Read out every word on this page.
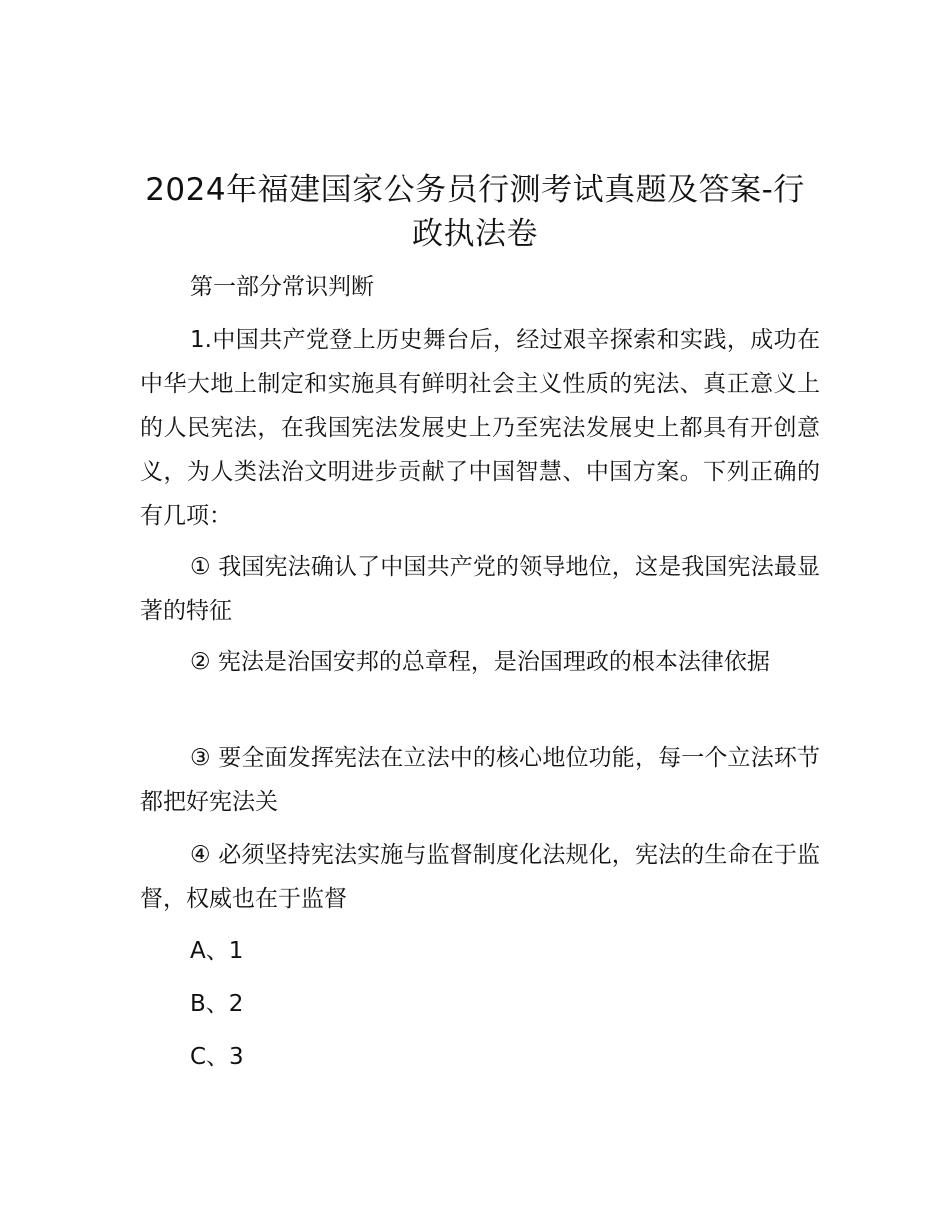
2024年福建国家公务员行测考试真题及答案-行政执法卷

第一部分常识判断

1.中国共产党登上历史舞台后，经过艰辛探索和实践，成功在中华大地上制定和实施具有鲜明社会主义性质的宪法、真正意义上的人民宪法，在我国宪法发展史上乃至宪法发展史上都具有开创意义，为人类法治文明进步贡献了中国智慧、中国方案。下列正确的有几项：

① 我国宪法确认了中国共产党的领导地位，这是我国宪法最显著的特征

② 宪法是治国安邦的总章程，是治国理政的根本法律依据

③ 要全面发挥宪法在立法中的核心地位功能，每一个立法环节都把好宪法关

④ 必须坚持宪法实施与监督制度化法规化，宪法的生命在于监督，权威也在于监督

A、1

B、2

C、3
